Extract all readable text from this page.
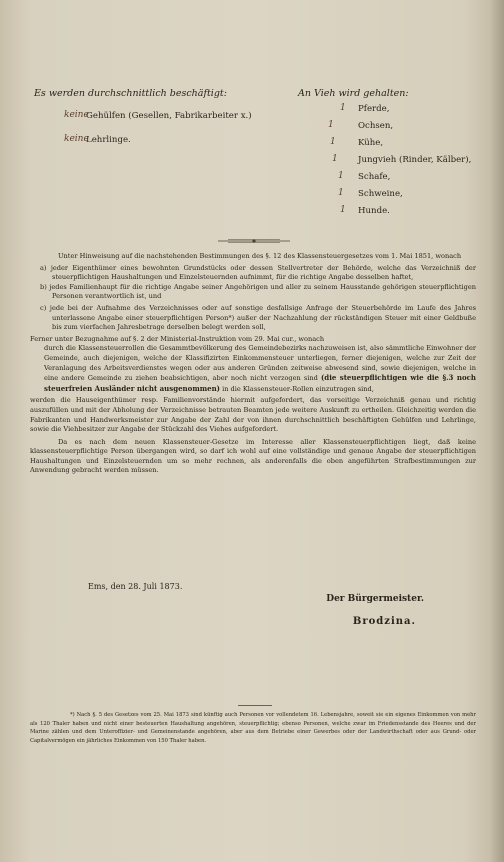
Es werden durchschnittlich beschäftigt:
keine
Gehülfen (Gesellen, Fabrikarbeiter x.)
keine
Lehrlinge.
An Vieh wird gehalten:
1 Pferde,
1	Ochsen,
1	Kühe,
1 Jungvieh (Rinder, Kälber),
1 Schafe,
1 Schweine,
1 Hunde.

Unter Hinweisung auf die nachstehenden Bestimmungen des §. 12 des Klassensteuergesetzes vom 1. Mai 1851, wonach

a) jeder Eigenthümer eines bewohnten Grundstücks oder dessen Stellvertreter der Behörde, welche das Verzeichniß der steuerpflichtigen Haushaltungen und Einzelsteuernden aufnimmt, für die richtige Angabe desselben haftet,

b) jedes Familienhaupt für die richtige Angabe seiner Angehörigen und aller zu seinem Hausstande gehörigen steuerpflichtigen Personen verantwortlich ist, und

c) jede bei der Aufnahme des Verzeichnisses oder auf sonstige desfallsige Anfrage der Steuerbehörde im Laufe des Jahres unterlassene Angabe einer steuerpflichtigen Person*) außer der Nachzahlung der rückständigen Steuer mit einer Geldbuße bis zum vierfachen Jahresbetrage derselben belegt werden soll,

Ferner unter Bezugnahme auf §. 2 der Ministerial-Instruktion vom 29. Mai cur., wonach

durch die Klassensteuerrollen die Gesammtbevölkerung des Gemeindebezirks nachzuweisen ist, also sämmtliche Einwohner der Gemeinde, auch diejenigen, welche der Klassifizirten Einkommensteuer unterliegen, ferner diejenigen, welche zur Zeit der Veranlagung des Arbeitsverdienstes wegen oder aus anderen Gründen zeitweise abwesend sind, sowie diejenigen, welche in eine andere Gemeinde zu ziehen beabsichtigen, aber noch nicht verzogen sind (die steuerpflichtigen wie die §.3 noch steuerfreien Ausländer nicht ausgenommen) in die Klassensteuer-Rollen einzutragen sind,

werden die Hauseigenthümer resp. Familienvorstände hiermit aufgefordert, das vorseitige Verzeichniß genau und richtig auszufüllen und mit der Abholung der Verzeichnisse betrauten Beamten jede weitere Auskunft zu ertheilen. Gleichzeitig werden die Fabrikanten und Handwerksmeister zur Angabe der Zahl der von ihnen durchschnittlich beschäftigten Gehülfen und Lehrlinge, sowie die Viehbesitzer zur Angabe der Stückzahl des Viehes aufgefordert.

Da es nach dem neuen Klassensteuer-Gesetze im Interesse aller Klassensteuerpflichtigen liegt, daß keine klassensteuerpflichtige Person übergangen wird, so darf ich wohl auf eine vollständige und genaue Angabe der steuerpflichtigen Haushaltungen und Einzelsteuernden um so mehr rechnen, als anderenfalls die oben angeführten Strafbestimmungen zur Anwendung gebracht werden müssen.

Ems, den 28. Juli 1873.
Der Bürgermeister.
Brodzina.
*) Nach §. 5 des Gesetzes vom 25. Mai 1873 sind künftig auch Personen vor vollendetem 16. Lebensjahre, soweit sie ein eigenes Einkommen von mehr als 120 Thaler haben und nicht einer besteuerten Haushaltung angehören, steuerpflichtig; ebenso Personen, welche zwar im Friedensstande des Heeres und der Marine zählen und dem Unteroffizier- und Gemeinenstande angehören, aber aus dem Betriebe einer Gewerbes oder der Landwirthschaft oder aus Grund- oder Capitalvermögen ein jährliches Einkommen von 150 Thaler haben.
